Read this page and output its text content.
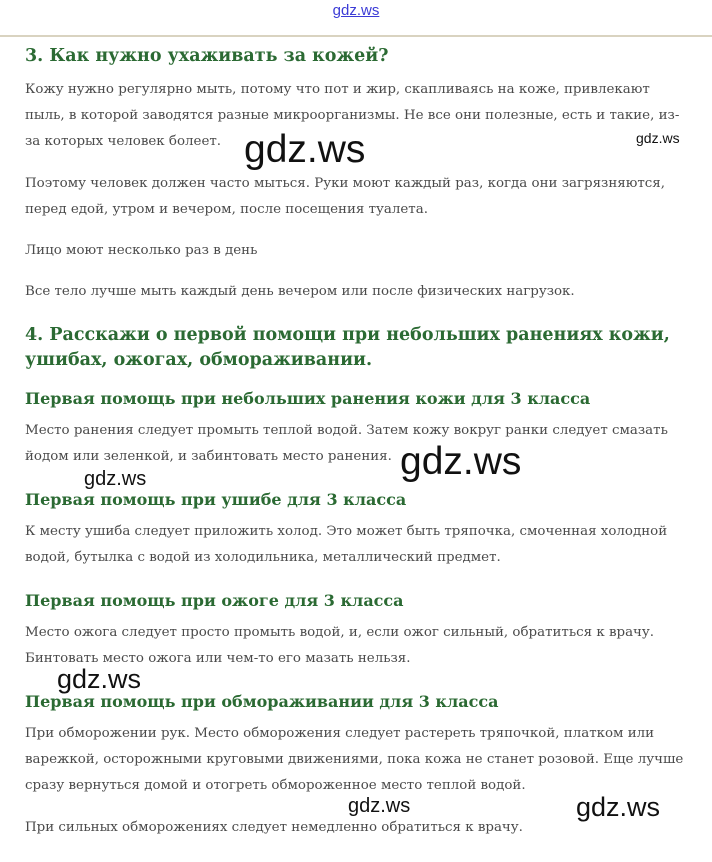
gdz.ws
3. Как нужно ухаживать за кожей?

Кожу нужно регулярно мыть, потому что пот и жир, скапливаясь на коже, привлекают пыль, в которой заводятся разные микроорганизмы. Не все они полезные, есть и такие, из-за которых человек болеет.

Поэтому человек должен часто мыться. Руки моют каждый раз, когда они загрязняются, перед едой, утром и вечером, после посещения туалета.

Лицо моют несколько раз в день

Все тело лучше мыть каждый день вечером или после физических нагрузок.

4. Расскажи о первой помощи при небольших ранениях кожи, ушибах, ожогах, обмораживании.
Первая помощь при небольших ранения кожи для 3 класса

Место ранения следует промыть теплой водой. Затем кожу вокруг ранки следует смазать йодом или зеленкой, и забинтовать место ранения.

Первая помощь при ушибе для 3 класса

К месту ушиба следует приложить холод. Это может быть тряпочка, смоченная холодной водой, бутылка с водой из холодильника, металлический предмет.

Первая помощь при ожоге для 3 класса

Место ожога следует просто промыть водой, и, если ожог сильный, обратиться к врачу. Бинтовать место ожога или чем-то его мазать нельзя.

Первая помощь при обмораживании для 3 класса

При обморожении рук. Место обморожения следует растереть тряпочкой, платком или варежкой, осторожными круговыми движениями, пока кожа не станет розовой. Еще лучше сразу вернуться домой и отогреть обмороженное место теплой водой.

При сильных обморожениях следует немедленно обратиться к врачу.

gdz.ws	gdz.ws
gdz.ws
gdz.ws
gdz.ws
gdz.ws	gdz.ws
